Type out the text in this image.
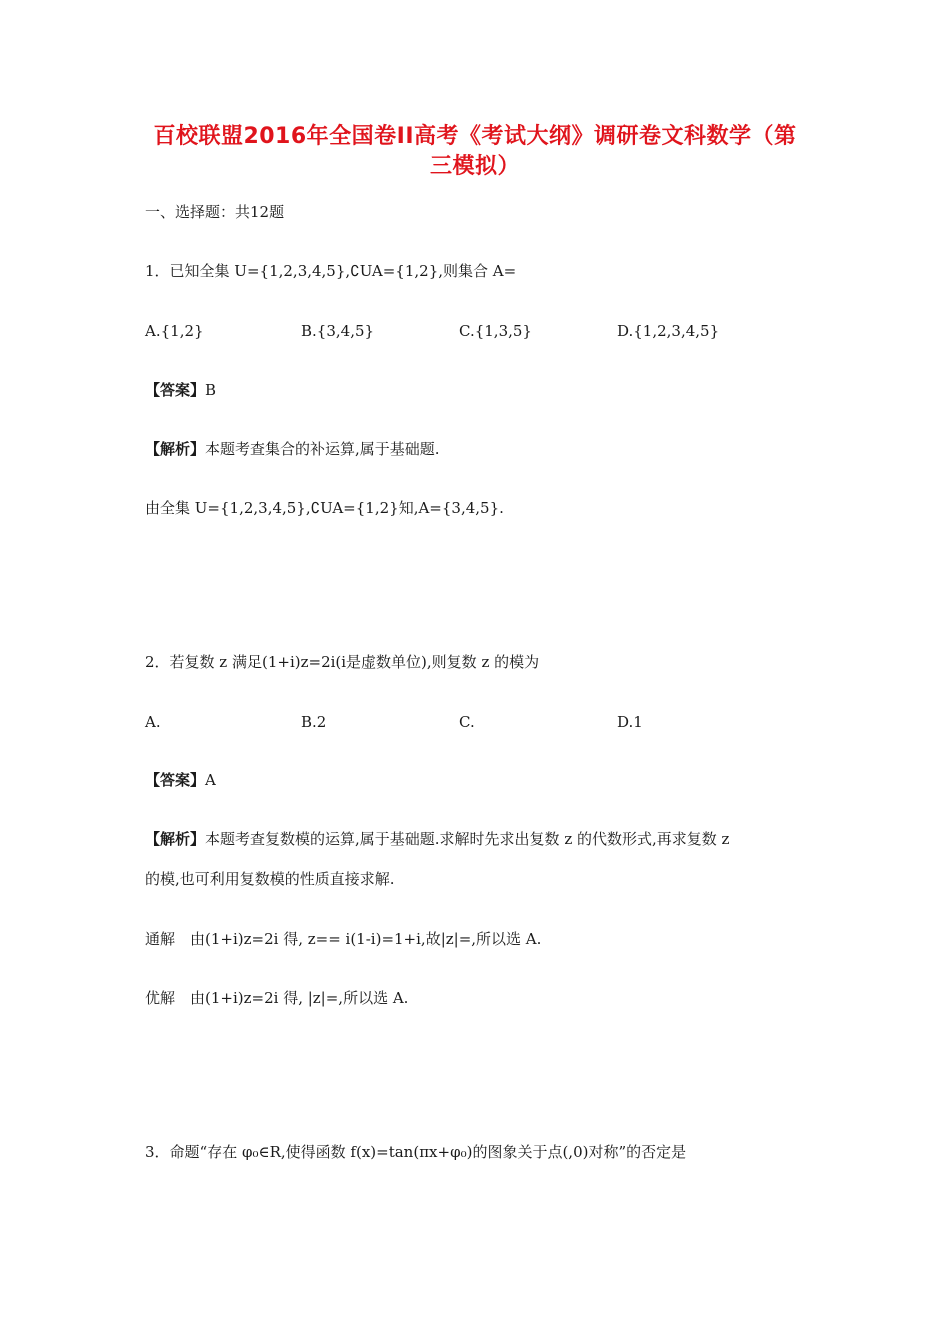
百校联盟2016年全国卷II高考《考试大纲》调研卷文科数学（第
三模拟）
一、选择题：共12题
1．已知全集 U={1,2,3,4,5},∁UA={1,2},则集合 A=
A.{1,2}	B.{3,4,5}	C.{1,3,5}	D.{1,2,3,4,5}
【答案】B
【解析】本题考查集合的补运算,属于基础题.
由全集 U={1,2,3,4,5},∁UA={1,2}知,A={3,4,5}.
2．若复数 z 满足(1+i)z=2i(i是虚数单位),则复数 z 的模为
A.	B.2	C.	D.1
【答案】A
【解析】本题考查复数模的运算,属于基础题.求解时先求出复数 z 的代数形式,再求复数 z
的模,也可利用复数模的性质直接求解.
通解　由(1+i)z=2i 得, z== i(1-i)=1+i,故|z|=,所以选 A.
优解　由(1+i)z=2i 得, |z|=,所以选 A.
3．命题“存在 φ₀∈R,使得函数 f(x)=tan(πx+φ₀)的图象关于点(,0)对称”的否定是
